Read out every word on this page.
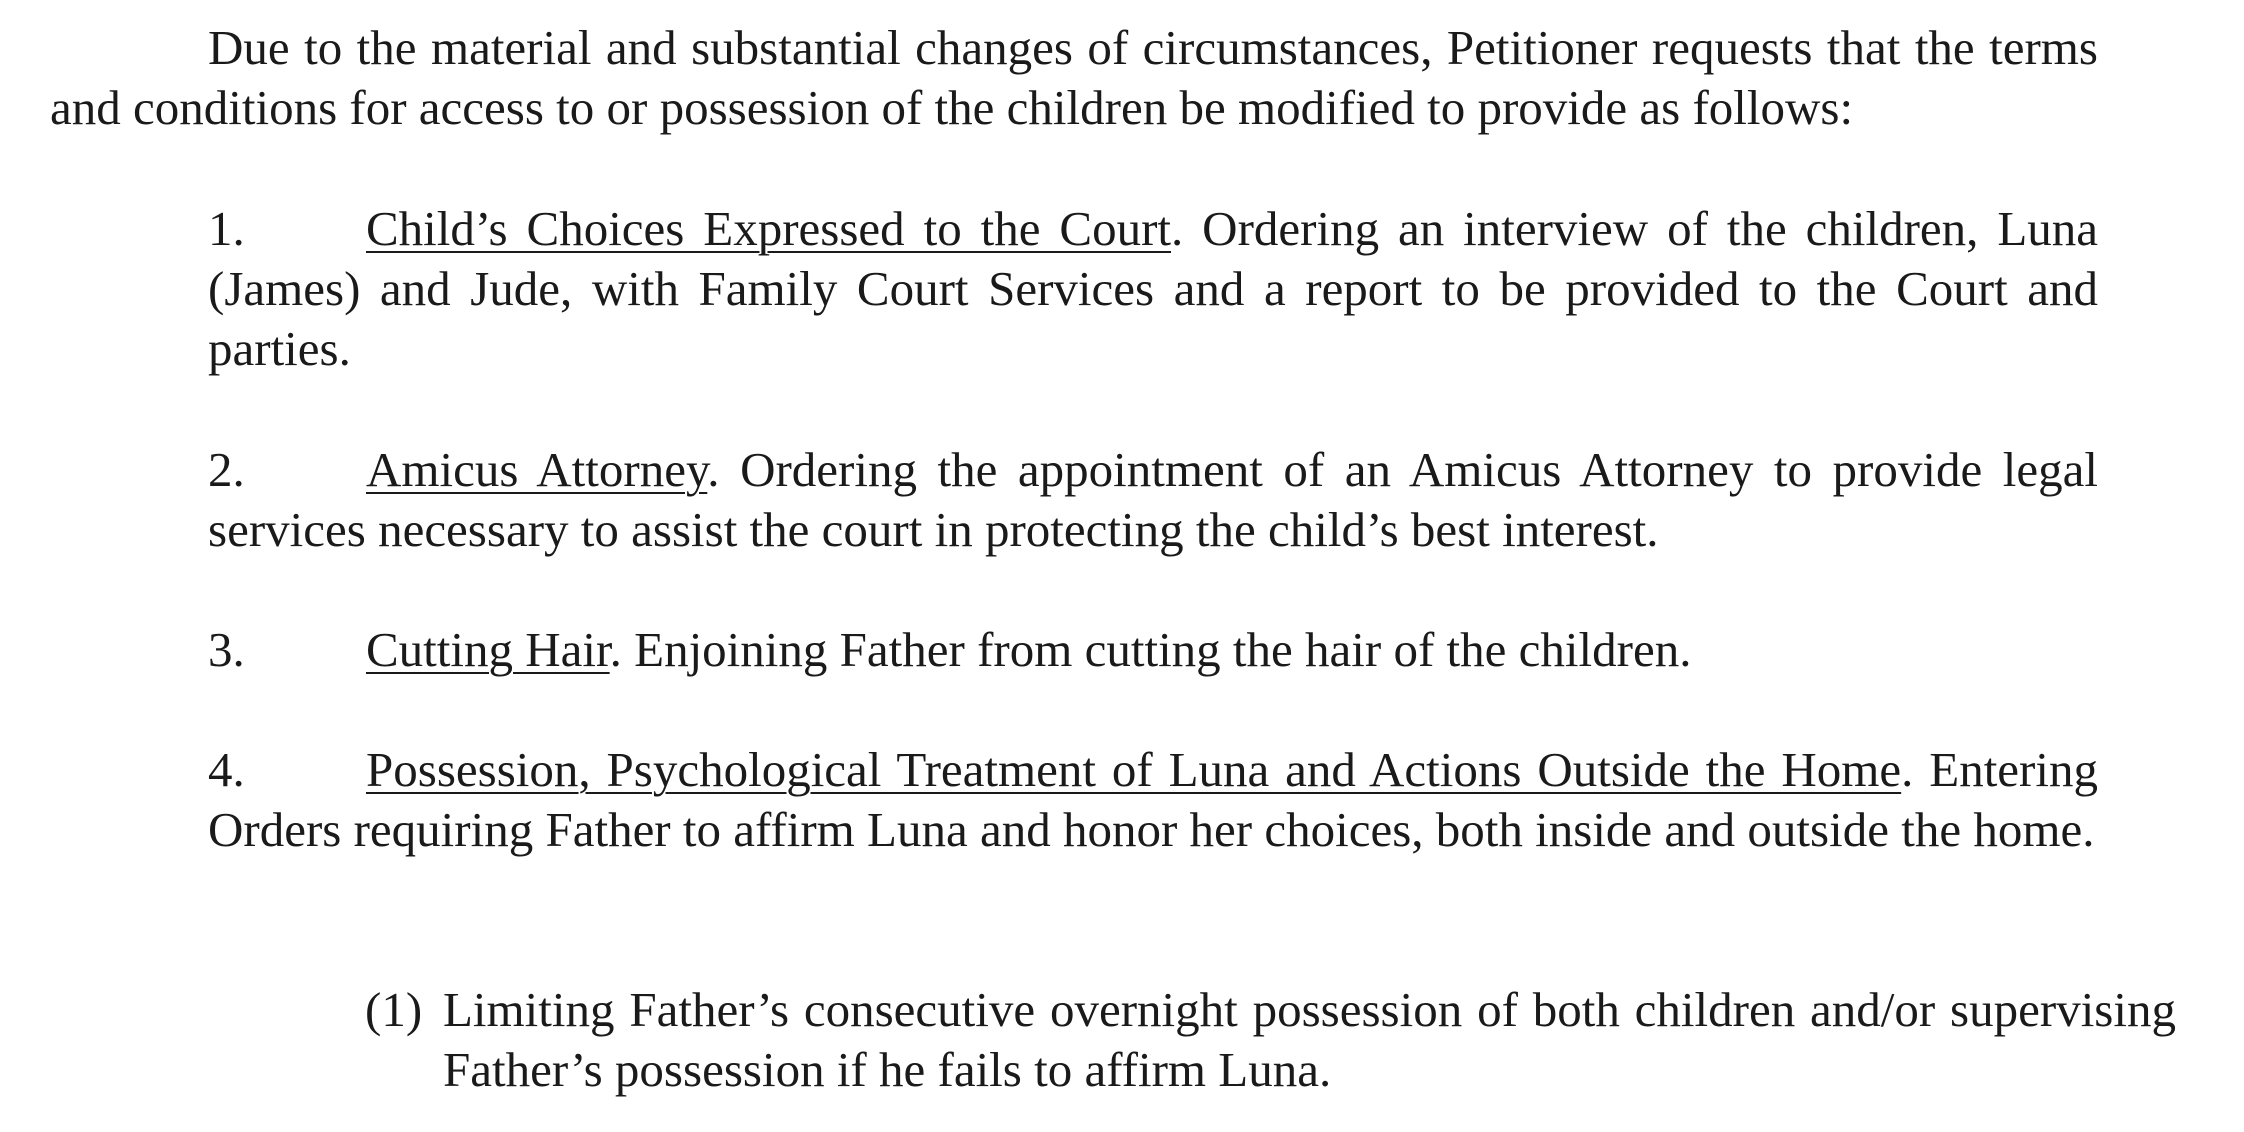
Due to the material and substantial changes of circumstances, Petitioner requests that the terms and conditions for access to or possession of the children be modified to provide as follows:

1. Child’s Choices Expressed to the Court. Ordering an interview of the children, Luna (James) and Jude, with Family Court Services and a report to be provided to the Court and parties.

2. Amicus Attorney. Ordering the appointment of an Amicus Attorney to provide legal services necessary to assist the court in protecting the child’s best interest.

3. Cutting Hair. Enjoining Father from cutting the hair of the children.

4. Possession, Psychological Treatment of Luna and Actions Outside the Home. Entering Orders requiring Father to affirm Luna and honor her choices, both inside and outside the home.

(1) Limiting Father’s consecutive overnight possession of both children and/or supervising Father’s possession if he fails to affirm Luna.
